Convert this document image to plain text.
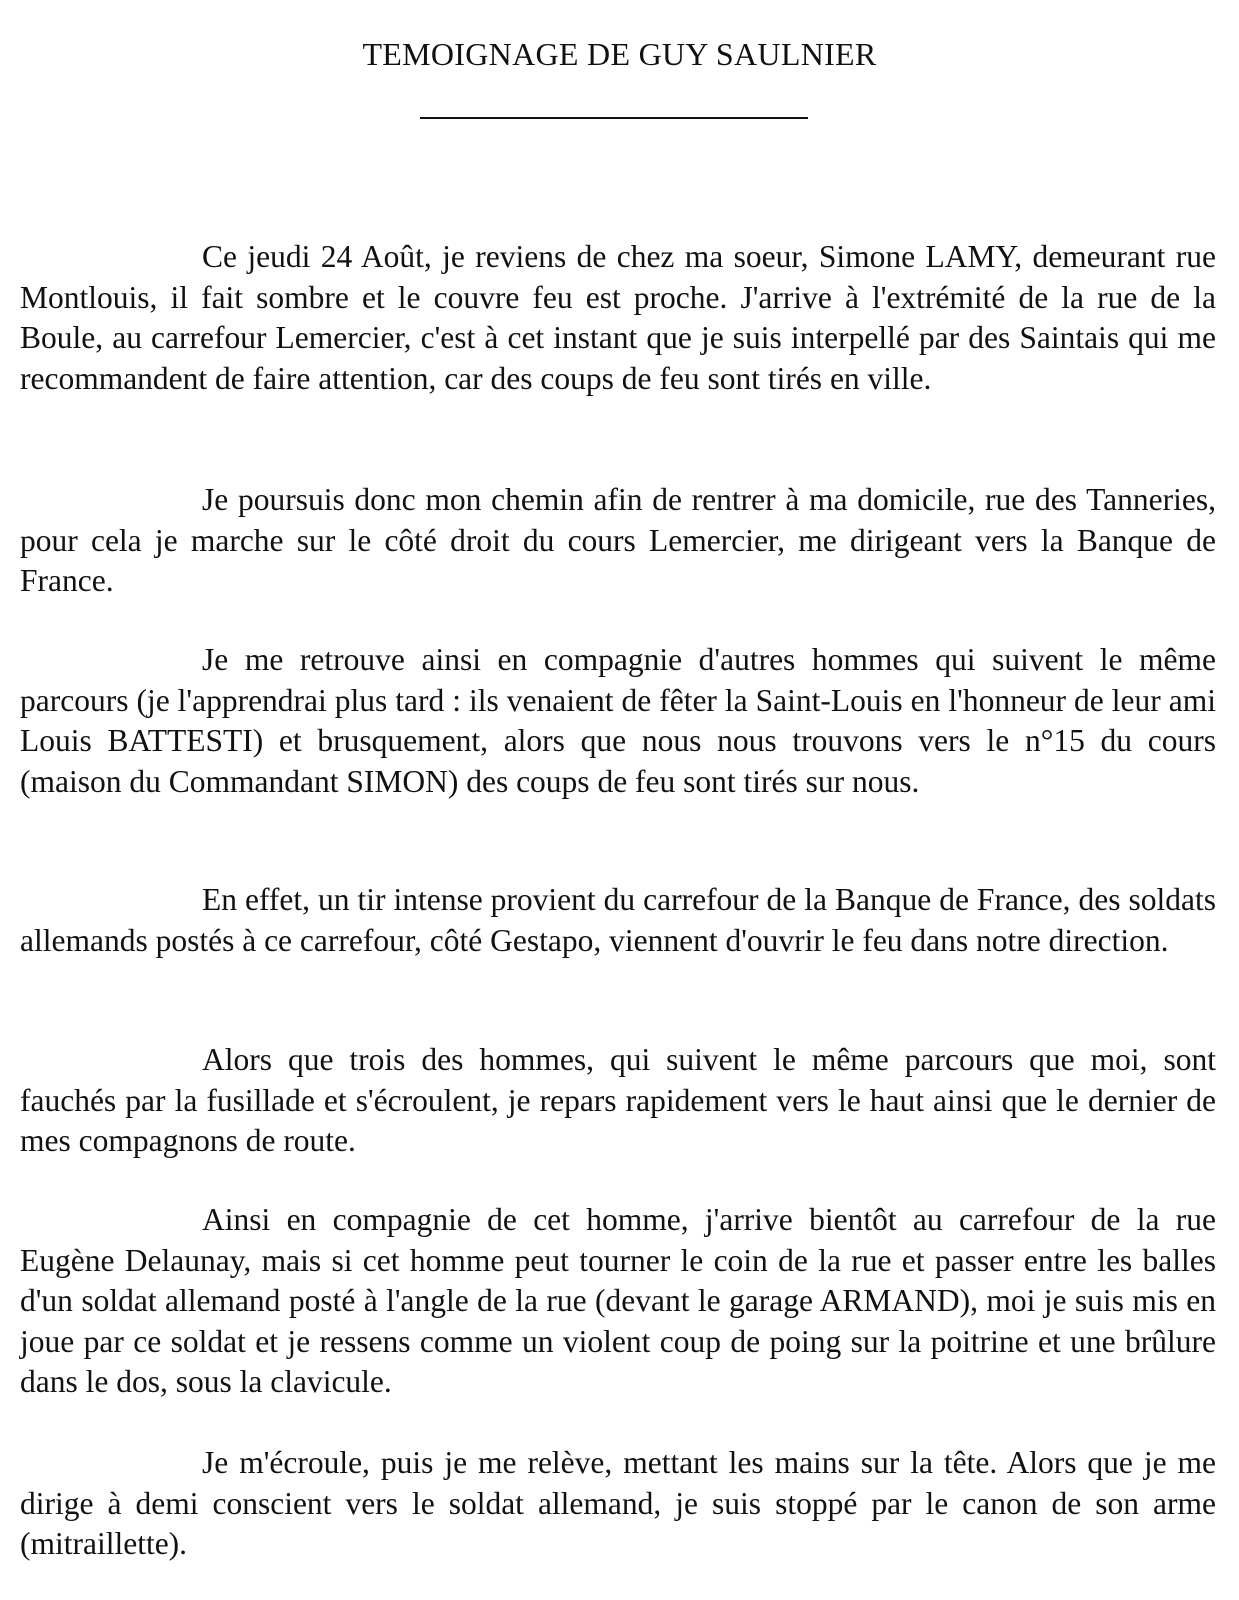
TEMOIGNAGE DE GUY SAULNIER

Ce jeudi 24 Août, je reviens de chez ma soeur, Simone LAMY, demeurant rue Montlouis, il fait sombre et le couvre feu est proche. J'arrive à l'extrémité de la rue de la Boule, au carrefour Lemercier, c'est à cet instant que je suis interpellé par des Saintais qui me recommandent de faire attention, car des coups de feu sont tirés en ville.

Je poursuis donc mon chemin afin de rentrer à ma domicile, rue des Tanneries, pour cela je marche sur le côté droit du cours Lemercier, me dirigeant vers la Banque de France.

Je me retrouve ainsi en compagnie d'autres hommes qui suivent le même parcours (je l'apprendrai plus tard : ils venaient de fêter la Saint-Louis en l'honneur de leur ami Louis BATTESTI) et brusquement, alors que nous nous trouvons vers le n°15 du cours (maison du Commandant SIMON) des coups de feu sont tirés sur nous.

En effet, un tir intense provient du carrefour de la Banque de France, des soldats allemands postés à ce carrefour, côté Gestapo, viennent d'ouvrir le feu dans notre direction.

Alors que trois des hommes, qui suivent le même parcours que moi, sont fauchés par la fusillade et s'écroulent, je repars rapidement vers le haut ainsi que le dernier de mes compagnons de route.

Ainsi en compagnie de cet homme, j'arrive bientôt au carrefour de la rue Eugène Delaunay, mais si cet homme peut tourner le coin de la rue et passer entre les balles d'un soldat allemand posté à l'angle de la rue (devant le garage ARMAND), moi je suis mis en joue par ce soldat et je ressens comme un violent coup de poing sur la poitrine et une brûlure dans le dos, sous la clavicule.

Je m'écroule, puis je me relève, mettant les mains sur la tête. Alors que je me dirige à demi conscient vers le soldat allemand, je suis stoppé par le canon de son arme (mitraillette).
